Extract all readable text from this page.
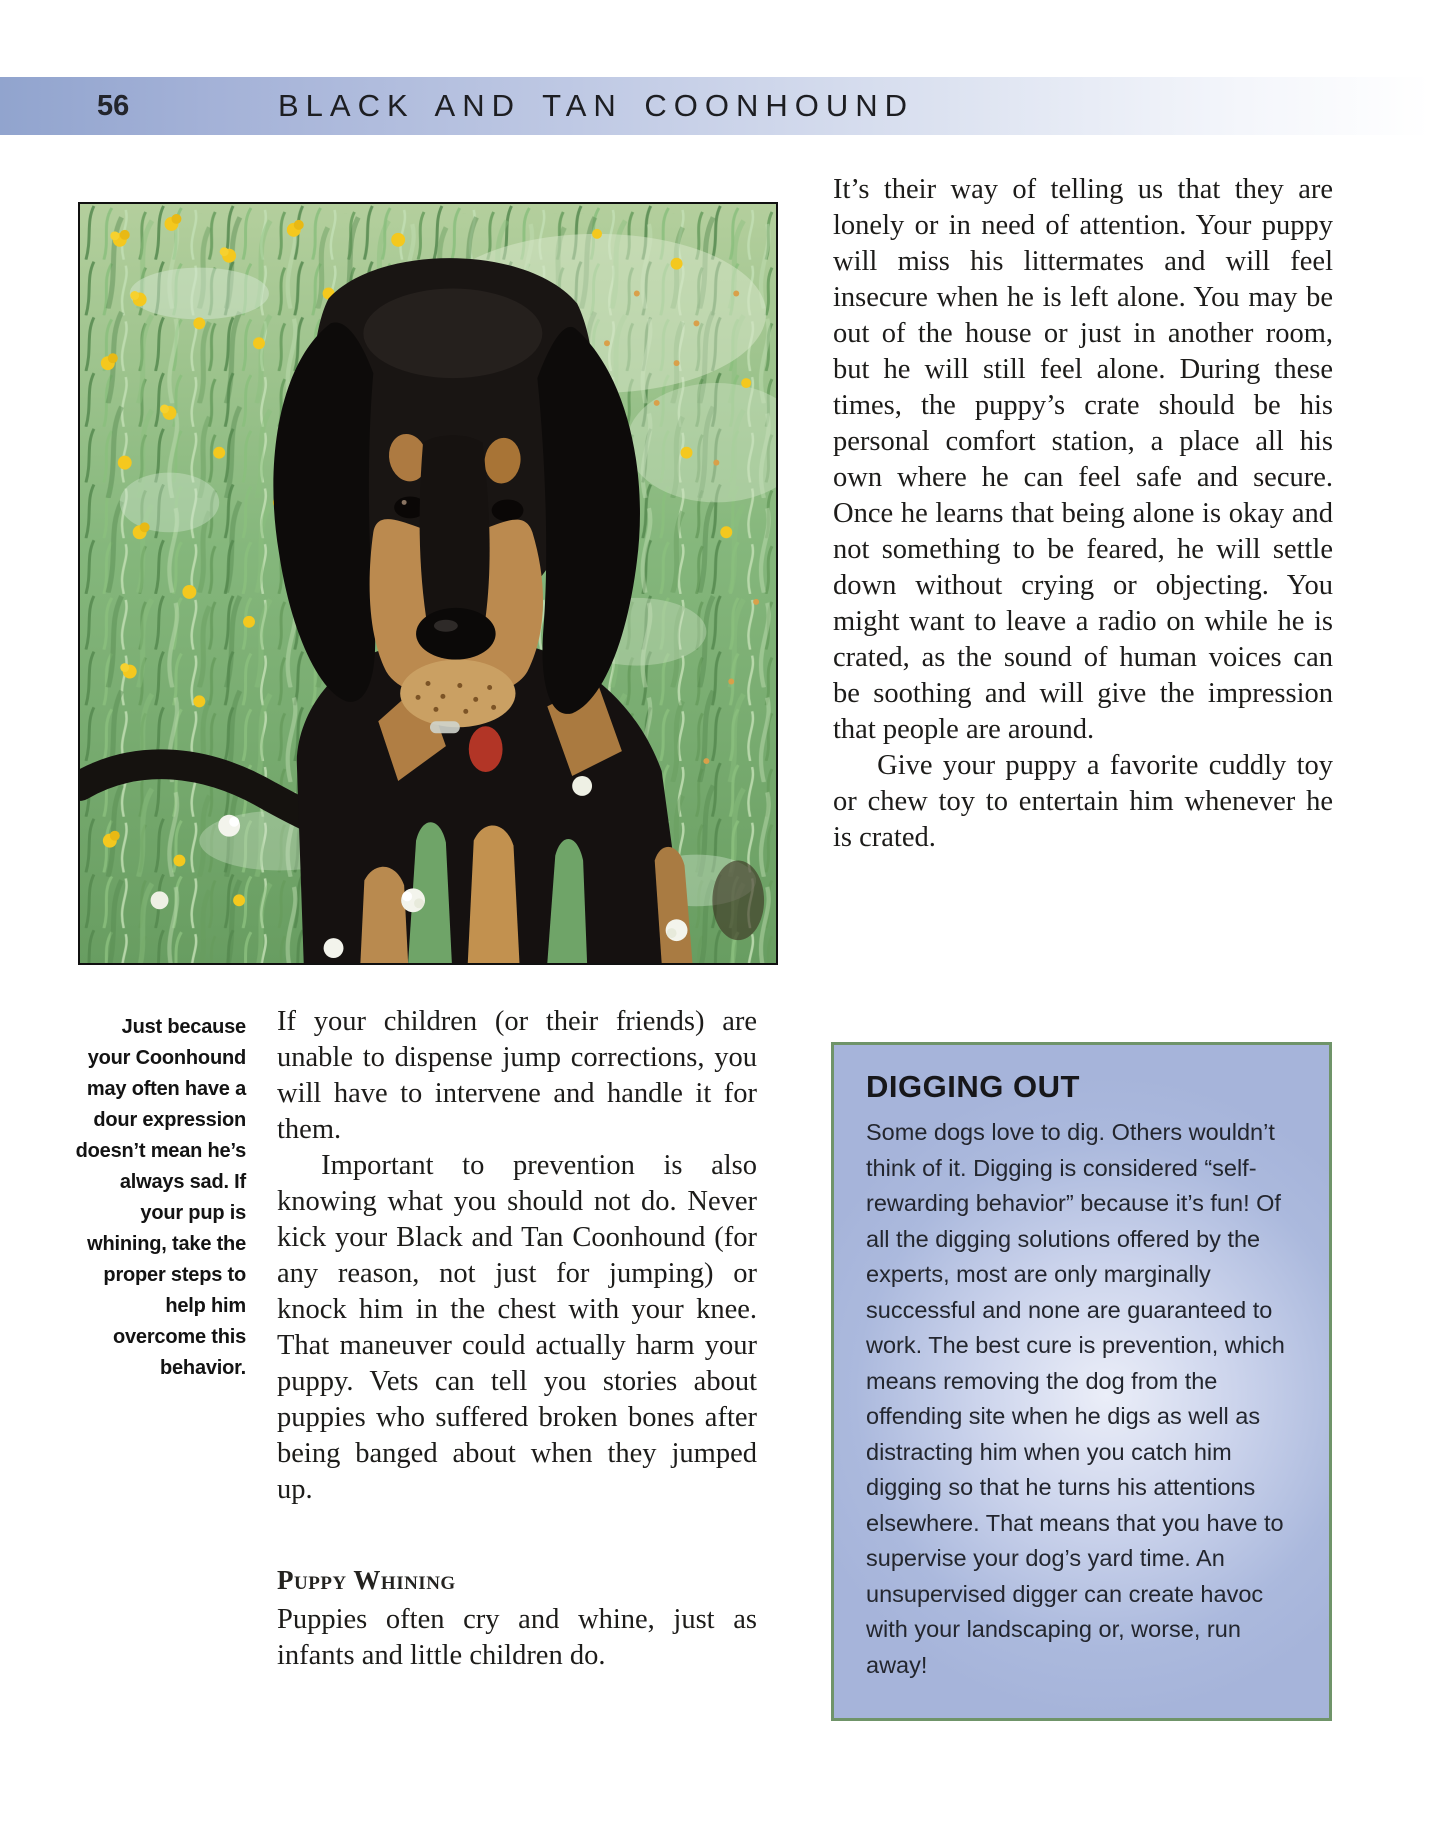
56	BLACK AND TAN COONHOUND
Just because your Coonhound may often have a dour expression doesn’t mean he’s always sad. If your pup is whining, take the proper steps to help him overcome this behavior.

If your children (or their friends) are unable to dispense jump corrections, you will have to intervene and handle it for them.

Important to prevention is also knowing what you should not do. Never kick your Black and Tan Coonhound (for any reason, not just for jumping) or knock him in the chest with your knee. That maneuver could actually harm your puppy. Vets can tell you stories about puppies who suffered broken bones after being banged about when they jumped up.

Puppy Whining

Puppies often cry and whine, just as infants and little children do.

It’s their way of telling us that they are lonely or in need of attention. Your puppy will miss his littermates and will feel insecure when he is left alone. You may be out of the house or just in another room, but he will still feel alone. During these times, the puppy’s crate should be his personal comfort station, a place all his own where he can feel safe and secure. Once he learns that being alone is okay and not something to be feared, he will settle down without crying or objecting. You might want to leave a radio on while he is crated, as the sound of human voices can be soothing and will give the impression that people are around.

Give your puppy a favorite cuddly toy or chew toy to entertain him whenever he is crated.

DIGGING OUT

Some dogs love to dig. Others wouldn’t think of it. Digging is considered “self-rewarding behavior” because it’s fun! Of all the digging solutions offered by the experts, most are only marginally successful and none are guaranteed to work. The best cure is prevention, which means removing the dog from the offending site when he digs as well as distracting him when you catch him digging so that he turns his attentions elsewhere. That means that you have to supervise your dog’s yard time. An unsupervised digger can create havoc with your landscaping or, worse, run away!
